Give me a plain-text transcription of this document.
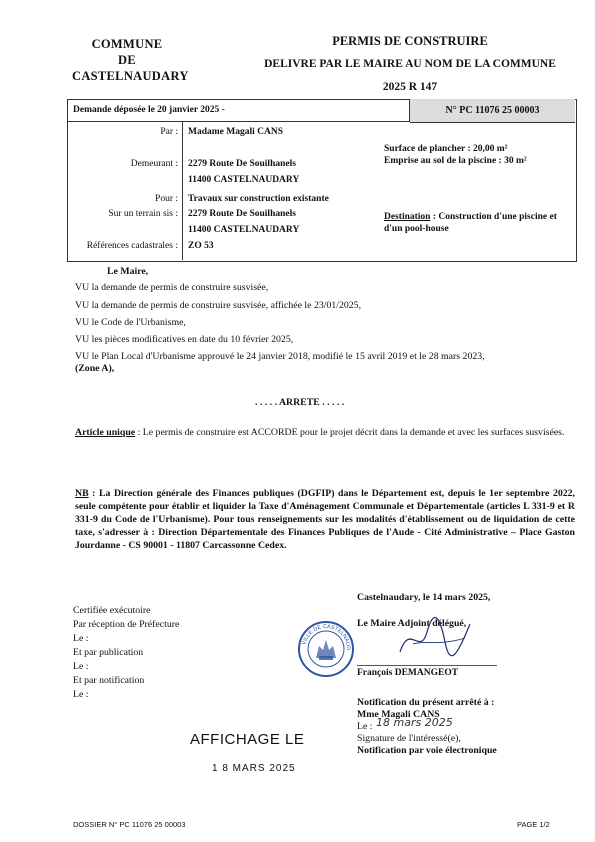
COMMUNE
DE
CASTELNAUDARY
PERMIS DE CONSTRUIRE
DELIVRE PAR LE MAIRE AU NOM DE LA COMMUNE
2025 R 147
Demande déposée le 20 janvier 2025 -	N° PC 11076 25 00003
Par : Madame Magali CANS
Demeurant : 2279 Route De Souilhanels
11400 CASTELNAUDARY
Pour : Travaux sur construction existante
Sur un terrain sis : 2279 Route De Souilhanels
11400 CASTELNAUDARY
Références cadastrales : ZO 53
Surface de plancher : 20,00 m²
Emprise au sol de la piscine : 30 m²
Destination : Construction d'une piscine et d'un pool-house
Le Maire,
VU la demande de permis de construire susvisée,
VU la demande de permis de construire susvisée, affichée le 23/01/2025,
VU le Code de l'Urbanisme,
VU les pièces modificatives en date du 10 février 2025,
VU le Plan Local d'Urbanisme approuvé le 24 janvier 2018, modifié le 15 avril 2019 et le 28 mars 2023,
(Zone A),
. . . . . ARRETE . . . . .
Article unique : Le permis de construire est ACCORDE pour le projet décrit dans la demande et avec les surfaces susvisées.
NB : La Direction générale des Finances publiques (DGFIP) dans le Département est, depuis le 1er septembre 2022, seule compétente pour établir et liquider la Taxe d'Aménagement Communale et Départementale (articles L 331-9 et R 331-9 du Code de l'Urbanisme). Pour tous renseignements sur les modalités d'établissement ou de liquidation de cette taxe, s'adresser à : Direction Départementale des Finances Publiques de l'Aude - Cité Administrative – Place Gaston Jourdanne - CS 90001 - 11807 Carcassonne Cedex.
Castelnaudary, le 14 mars 2025,
Le Maire Adjoint délégué,
VILLE DE CASTELNAUD
François DEMANGEOT
Certifiée exécutoire
Par réception de Préfecture
Le :
Et par publication
Le :
Et par notification
Le :
Notification du présent arrêté à :
Mme Magali CANS
Le : 18 mars 2025
Signature de l'intéressé(e),
Notification par voie électronique
AFFICHAGE LE
1 8 MARS 2025
DOSSIER N° PC 11076 25 00003	PAGE 1/2
